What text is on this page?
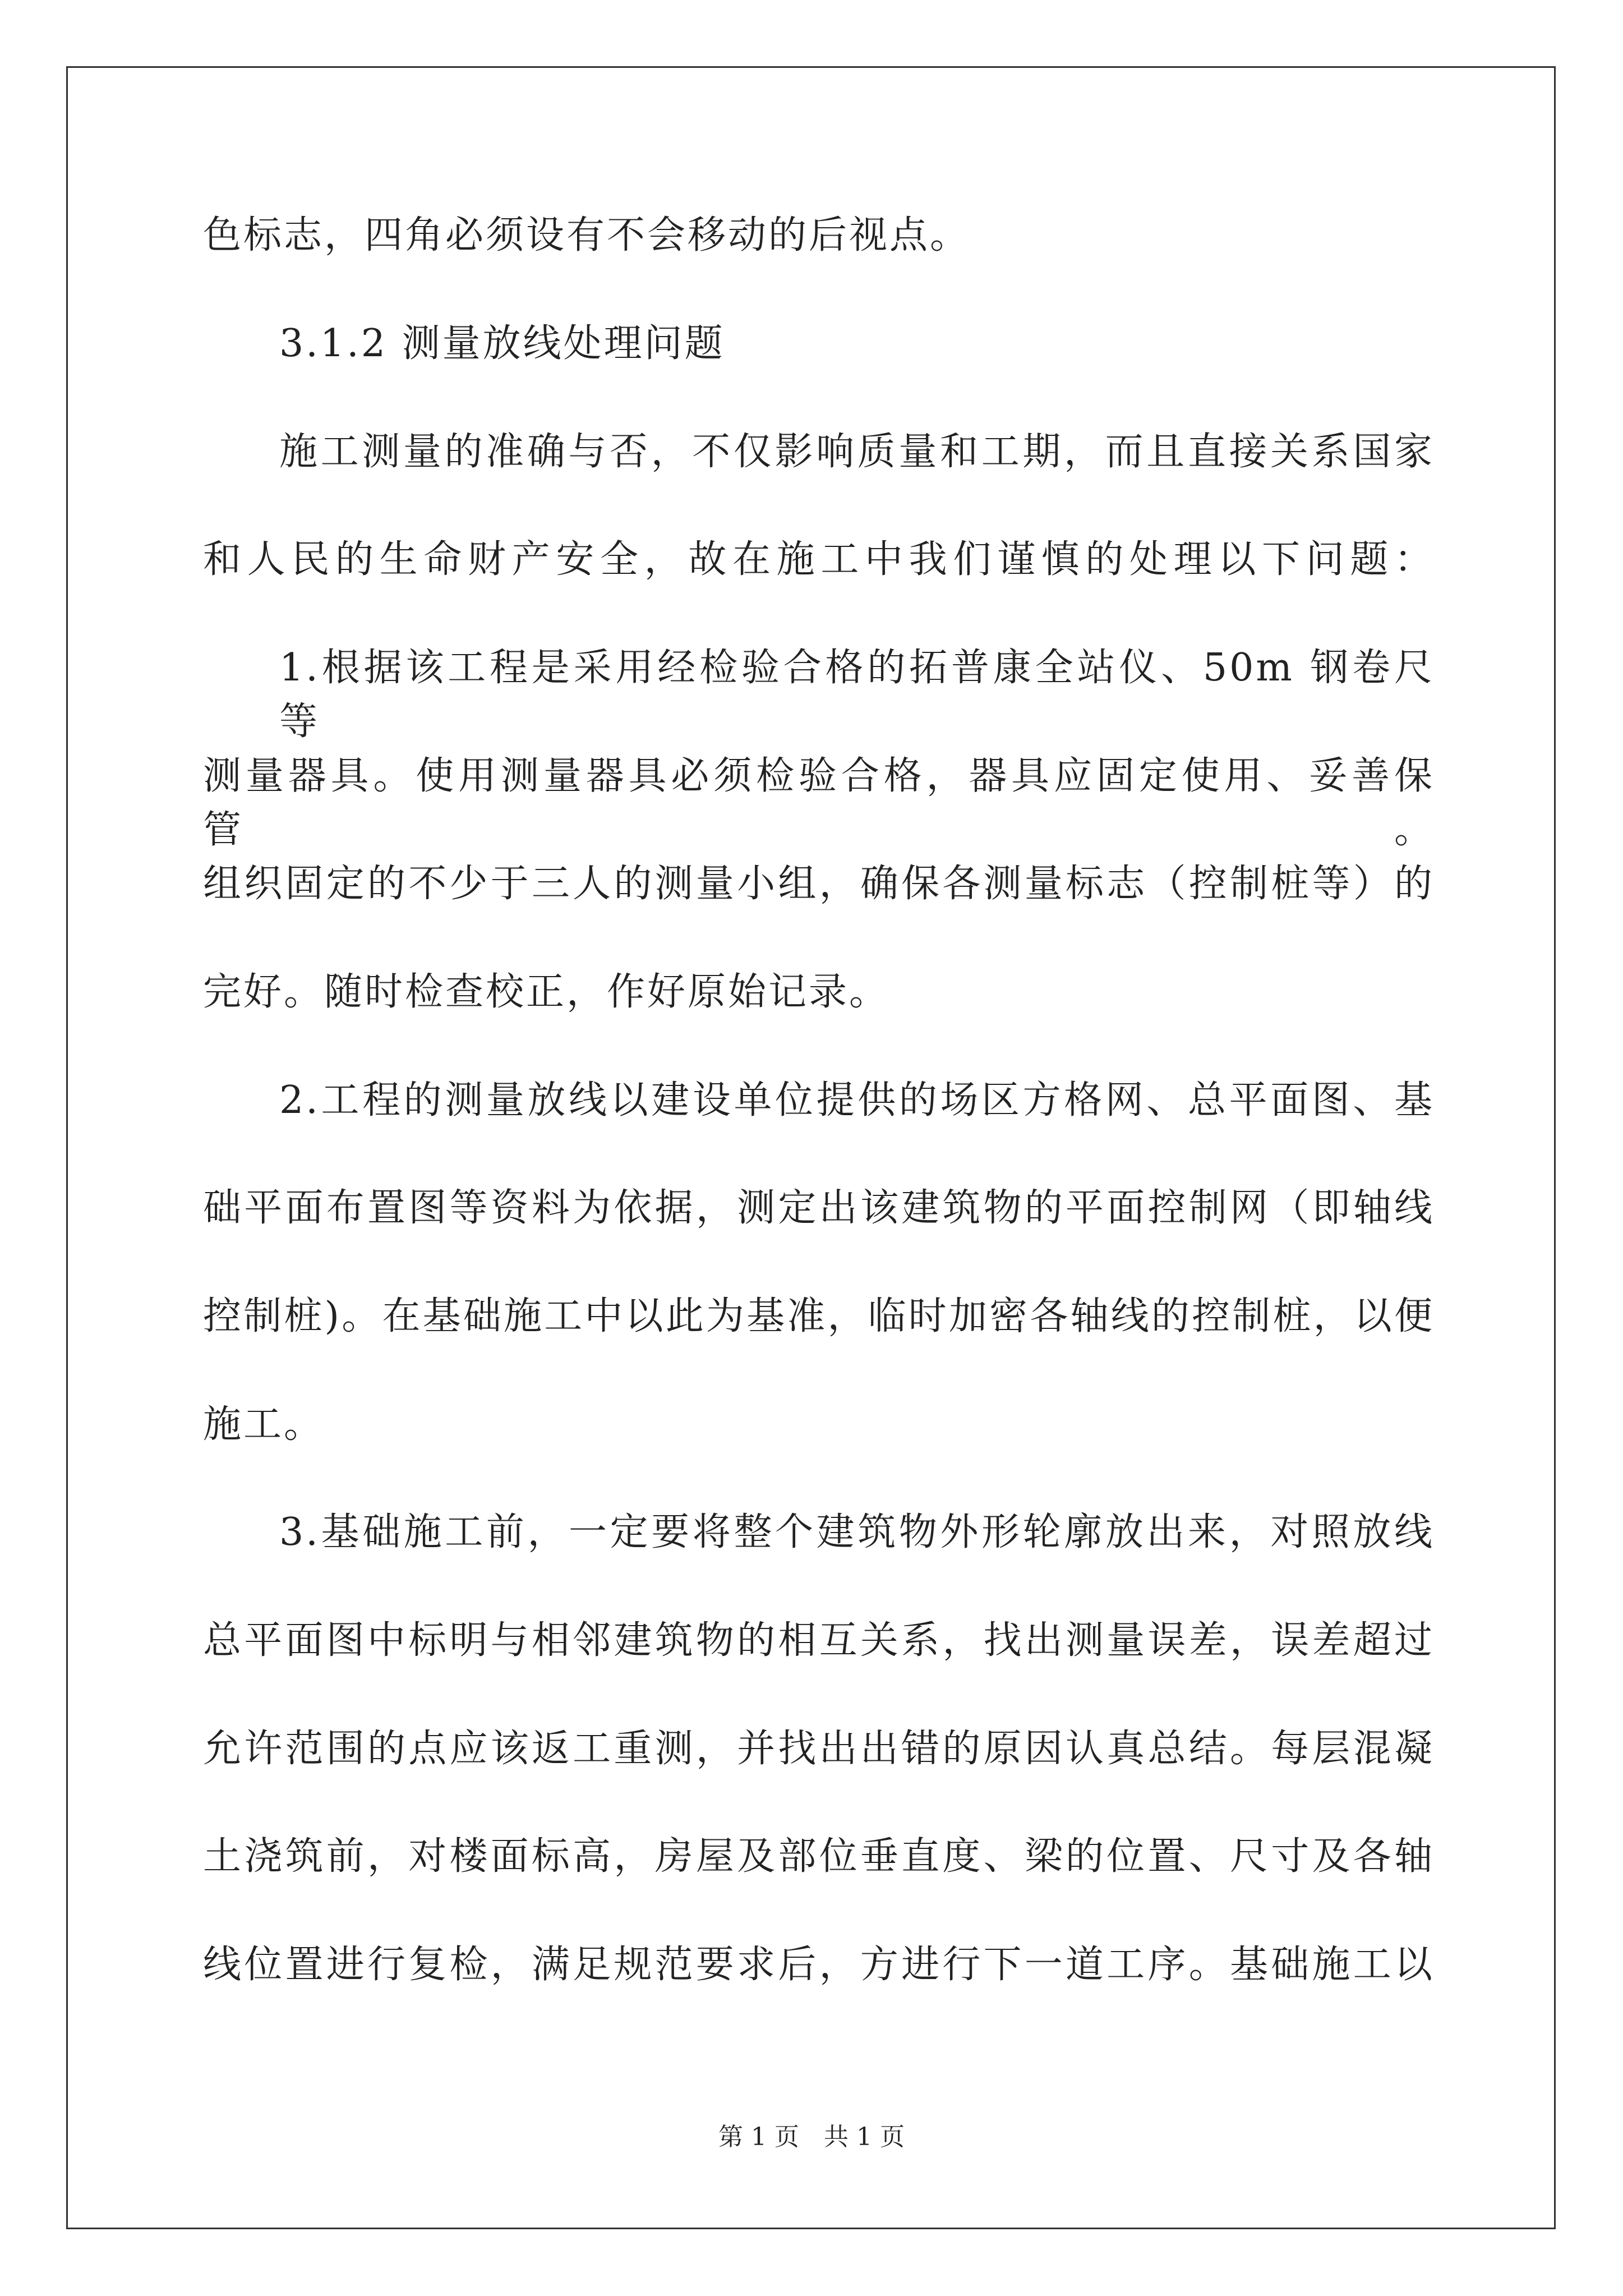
色标志，四角必须设有不会移动的后视点。
3.1.2 测量放线处理问题
施工测量的准确与否，不仅影响质量和工期，而且直接关系国家
和人民的生命财产安全，故在施工中我们谨慎的处理以下问题：
1.根据该工程是采用经检验合格的拓普康全站仪、50m 钢卷尺等
测量器具。使用测量器具必须检验合格，器具应固定使用、妥善保管。
组织固定的不少于三人的测量小组，确保各测量标志（控制桩等）的
完好。随时检查校正，作好原始记录。
2.工程的测量放线以建设单位提供的场区方格网、总平面图、基
础平面布置图等资料为依据，测定出该建筑物的平面控制网（即轴线
控制桩)。在基础施工中以此为基准，临时加密各轴线的控制桩，以便
施工。
3.基础施工前，一定要将整个建筑物外形轮廓放出来，对照放线
总平面图中标明与相邻建筑物的相互关系，找出测量误差，误差超过
允许范围的点应该返工重测，并找出出错的原因认真总结。每层混凝
土浇筑前，对楼面标高，房屋及部位垂直度、梁的位置、尺寸及各轴
线位置进行复检，满足规范要求后，方进行下一道工序。基础施工以
第 1 页　共 1 页
